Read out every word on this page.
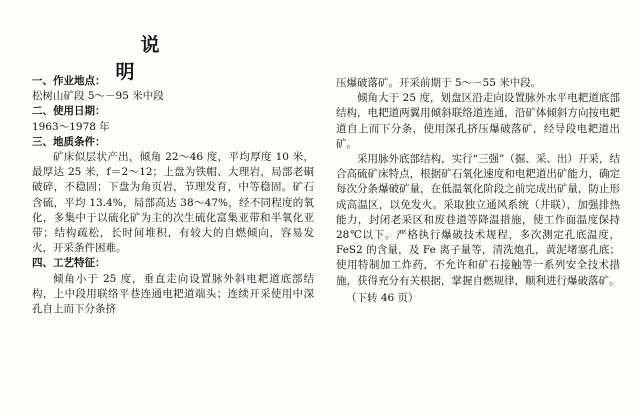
说　　明

一、作业地点：

松树山矿段 5～－95 米中段

二、使用日期：

1963～1978 年

三、地质条件：

矿床似层状产出，倾角 22～46 度，平均厚度 10 米，最厚达 25 米，f＝2～12；上盘为铁帽、大理岩，局部老硐破碎，不稳固；下盘为角页岩，节理发育，中等稳固。矿石含硫，平均 13.4%，局部高达 38～47%，经不同程度的氧化，多集中于以硫化矿为主的次生硫化富集亚带和半氧化亚带；结构疏松，长时间堆积，有较大的自燃倾向，容易发火，开采条件困难。

四、工艺特征：

倾角小于 25 度，垂直走向设置脉外斜电耙道底部结构，上中段用联络平巷连通电耙道端头；连续开采使用中深孔自上而下分条挤

压爆破落矿。开采前期于 5～－55 米中段。

倾角大于 25 度，划盘区沿走向设置脉外水平电耙道底部结构，电耙道两翼用倾斜联络道连通，沿矿体倾斜方向按电耙道自上而下分条，使用深孔挤压爆破落矿，经导段电耙道出矿。

采用脉外底部结构，实行“三强”（掘、采、出）开采，结合高硫矿床特点，根据矿石氧化速度和电耙道出矿能力，确定每次分条爆破矿量，在低温氧化阶段之前完成出矿量，防止形成高温区，以免发火。采取独立通风系统（井联），加强排热能力，封闭老采区和废巷道等降温措施，使工作面温度保持 28℃以下。严格执行爆破技术规程，多次测定孔底温度，FeS2 的含量，及 Fe 离子量等，清洗炮孔，黄泥堵塞孔底；使用特制加工炸药，不允许和矿石接触等一系列安全技术措施，获得充分有关根据，掌握自燃规律，顺利进行爆破落矿。

（下转 46 页）
